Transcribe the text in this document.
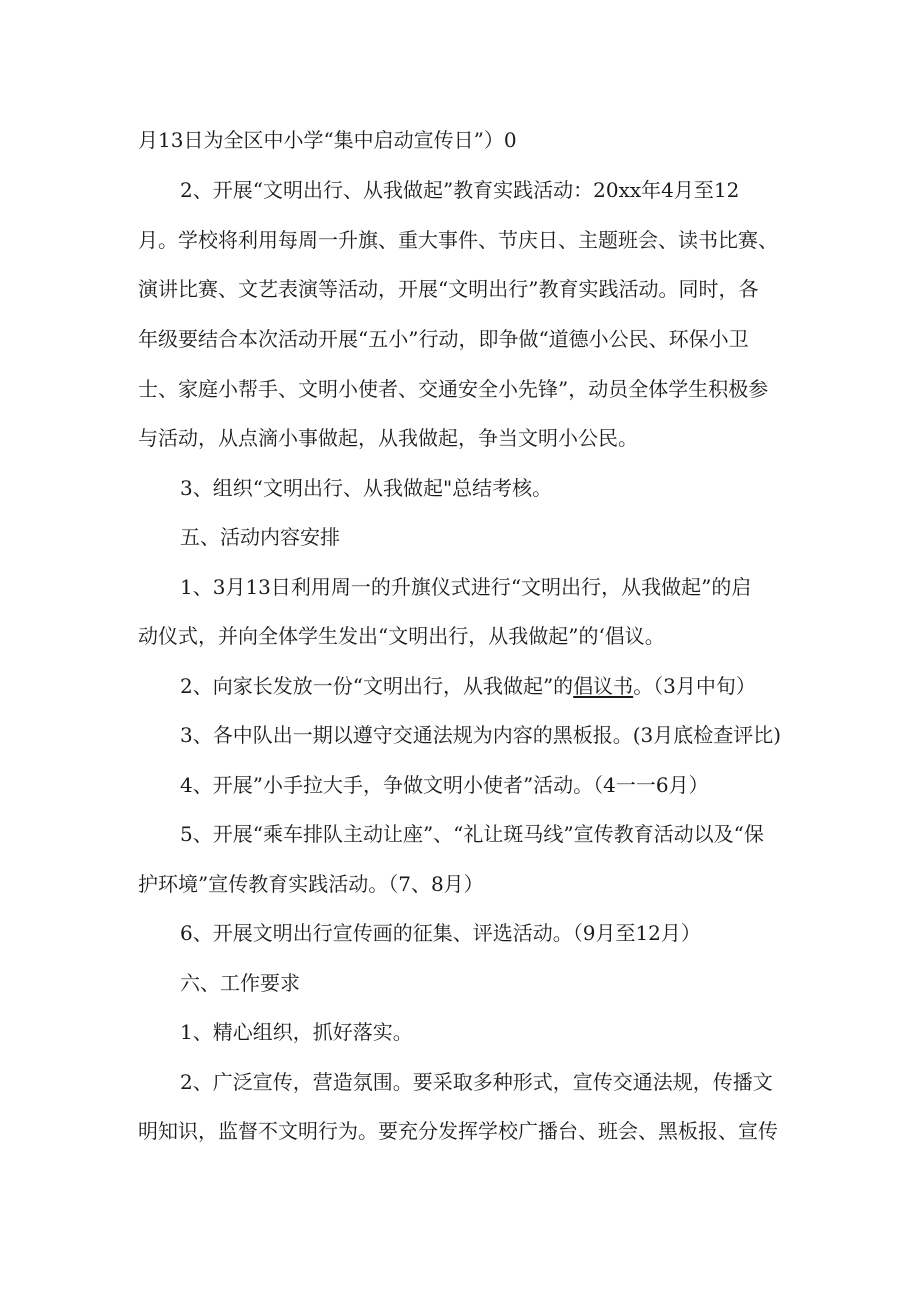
月13日为全区中小学“集中启动宣传日”）0

2、开展“文明出行、从我做起”教育实践活动：20xx年4月至12

月。学校将利用每周一升旗、重大事件、节庆日、主题班会、读书比赛、

演讲比赛、文艺表演等活动，开展“文明出行”教育实践活动。同时，各

年级要结合本次活动开展“五小”行动，即争做“道德小公民、环保小卫

士、家庭小帮手、文明小使者、交通安全小先锋”，动员全体学生积极参

与活动，从点滴小事做起，从我做起，争当文明小公民。

3、组织“文明出行、从我做起"总结考核。

五、活动内容安排

1、3月13日利用周一的升旗仪式进行“文明出行，从我做起”的启

动仪式，并向全体学生发出“文明出行，从我做起”的‘倡议。

2、向家长发放一份“文明出行，从我做起”的倡议书。（3月中旬）

3、各中队出一期以遵守交通法规为内容的黑板报。(3月底检查评比)

4、开展”小手拉大手，争做文明小使者”活动。（4一一6月）

5、开展“乘车排队主动让座”、“礼让斑马线”宣传教育活动以及“保

护环境”宣传教育实践活动。（7、8月）

6、开展文明出行宣传画的征集、评选活动。（9月至12月）

六、工作要求

1、精心组织，抓好落实。

2、广泛宣传，营造氛围。要采取多种形式，宣传交通法规，传播文

明知识，监督不文明行为。要充分发挥学校广播台、班会、黑板报、宣传
